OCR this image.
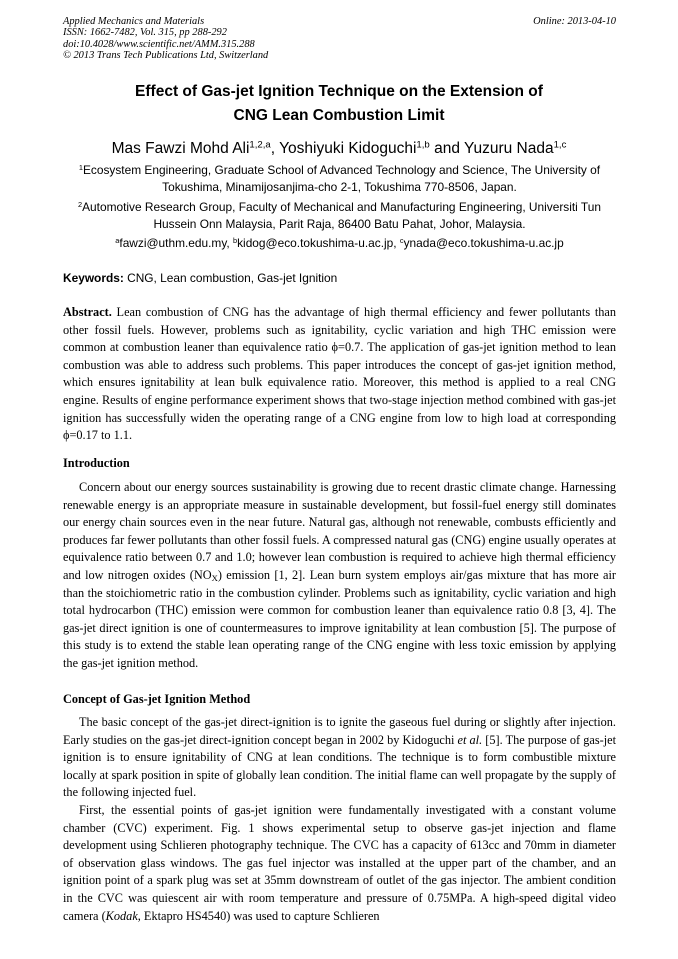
Applied Mechanics and Materials
ISSN: 1662-7482, Vol. 315, pp 288-292
doi:10.4028/www.scientific.net/AMM.315.288
© 2013 Trans Tech Publications Ltd, Switzerland
Online: 2013-04-10
Effect of Gas-jet Ignition Technique on the Extension of
CNG Lean Combustion Limit
Mas Fawzi Mohd Ali$^{1,2,a}$, Yoshiyuki Kidoguchi$^{1,b}$ and Yuzuru Nada$^{1,c}$
$^1$Ecosystem Engineering, Graduate School of Advanced Technology and Science, The University of Tokushima, Minamijosanjima-cho 2-1, Tokushima 770-8506, Japan.
$^2$Automotive Research Group, Faculty of Mechanical and Manufacturing Engineering, Universiti Tun Hussein Onn Malaysia, Parit Raja, 86400 Batu Pahat, Johor, Malaysia.
$^a$fawzi@uthm.edu.my, $^b$kidog@eco.tokushima-u.ac.jp, $^c$ynada@eco.tokushima-u.ac.jp
Keywords: CNG, Lean combustion, Gas-jet Ignition
Abstract. Lean combustion of CNG has the advantage of high thermal efficiency and fewer pollutants than other fossil fuels. However, problems such as ignitability, cyclic variation and high THC emission were common at combustion leaner than equivalence ratio ϕ=0.7. The application of gas-jet ignition method to lean combustion was able to address such problems. This paper introduces the concept of gas-jet ignition method, which ensures ignitability at lean bulk equivalence ratio. Moreover, this method is applied to a real CNG engine. Results of engine performance experiment shows that two-stage injection method combined with gas-jet ignition has successfully widen the operating range of a CNG engine from low to high load at corresponding ϕ=0.17 to 1.1.
Introduction
Concern about our energy sources sustainability is growing due to recent drastic climate change. Harnessing renewable energy is an appropriate measure in sustainable development, but fossil-fuel energy still dominates our energy chain sources even in the near future. Natural gas, although not renewable, combusts efficiently and produces far fewer pollutants than other fossil fuels. A compressed natural gas (CNG) engine usually operates at equivalence ratio between 0.7 and 1.0; however lean combustion is required to achieve high thermal efficiency and low nitrogen oxides $(NO_X)$ emission [1, 2]. Lean burn system employs air/gas mixture that has more air than the stoichiometric ratio in the combustion cylinder. Problems such as ignitability, cyclic variation and high total hydrocarbon (THC) emission were common for combustion leaner than equivalence ratio 0.8 [3, 4]. The gas-jet direct ignition is one of countermeasures to improve ignitability at lean combustion [5]. The purpose of this study is to extend the stable lean operating range of the CNG engine with less toxic emission by applying the gas-jet ignition method.
Concept of Gas-jet Ignition Method
The basic concept of the gas-jet direct-ignition is to ignite the gaseous fuel during or slightly after injection. Early studies on the gas-jet direct-ignition concept began in 2002 by Kidoguchi et al. [5]. The purpose of gas-jet ignition is to ensure ignitability of CNG at lean conditions. The technique is to form combustible mixture locally at spark position in spite of globally lean condition. The initial flame can well propagate by the supply of the following injected fuel.
First, the essential points of gas-jet ignition were fundamentally investigated with a constant volume chamber (CVC) experiment. Fig. 1 shows experimental setup to observe gas-jet injection and flame development using Schlieren photography technique. The CVC has a capacity of 613cc and 70mm in diameter of observation glass windows. The gas fuel injector was installed at the upper part of the chamber, and an ignition point of a spark plug was set at 35mm downstream of outlet of the gas injector. The ambient condition in the CVC was quiescent air with room temperature and pressure of 0.75MPa. A high-speed digital video camera (Kodak, Ektapro HS4540) was used to capture Schlieren
